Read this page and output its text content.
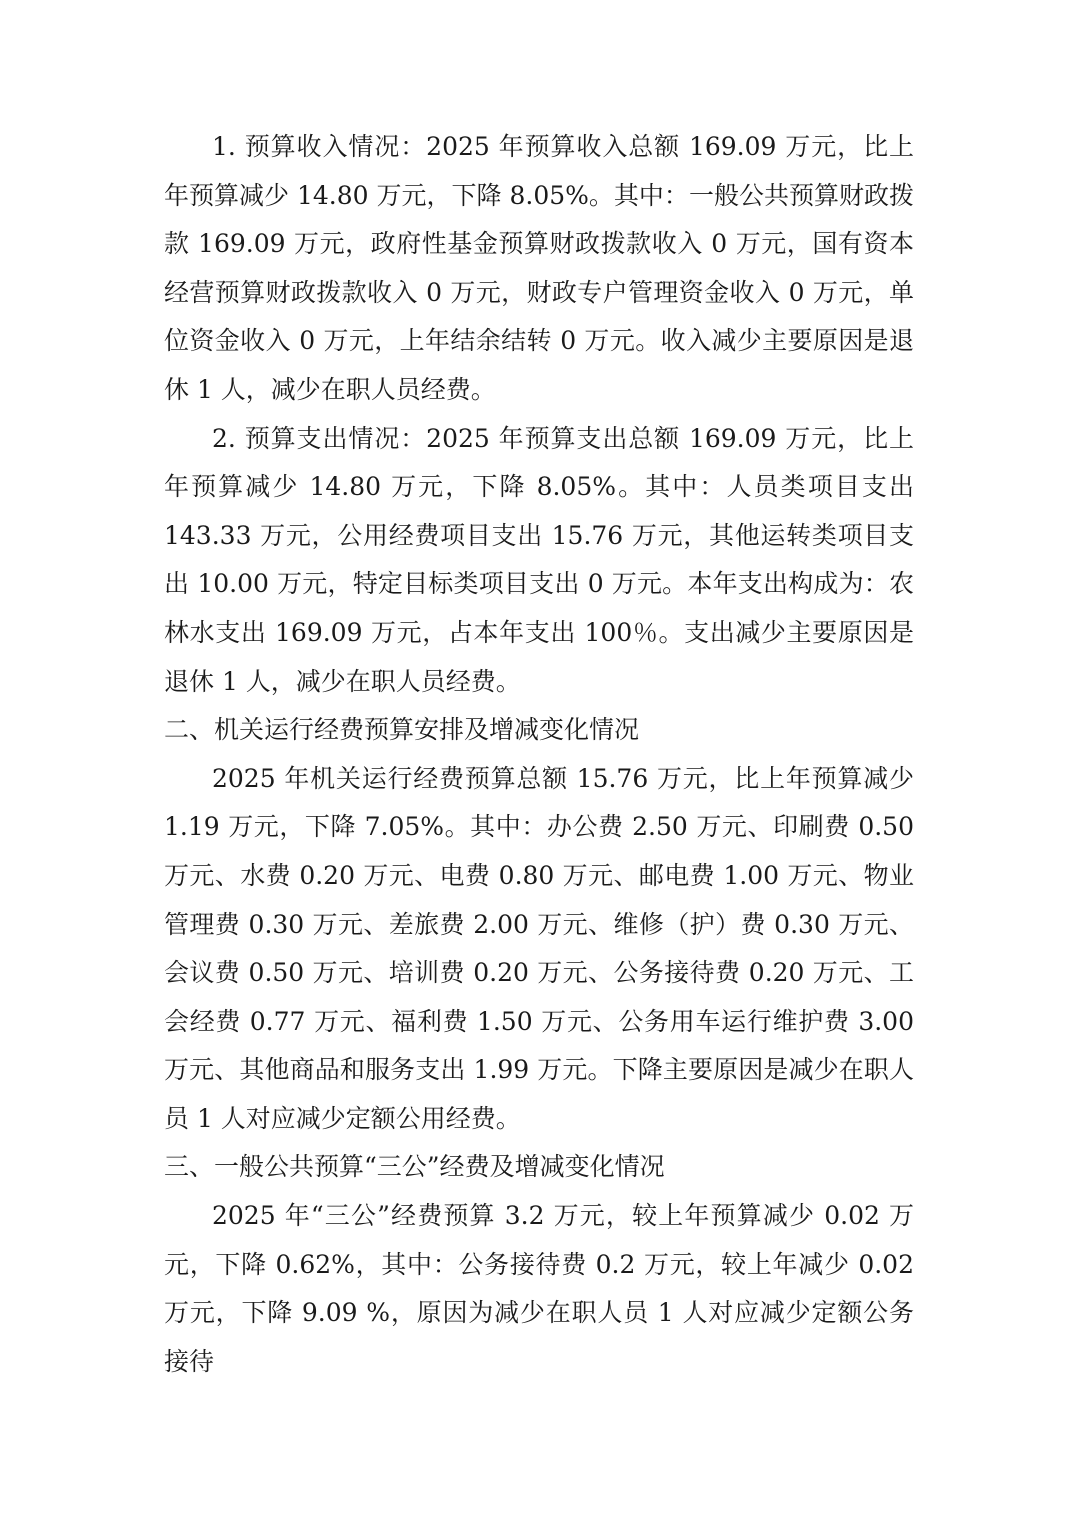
1. 预算收入情况：2025 年预算收入总额 169.09 万元，比上年预算减少 14.80 万元，下降 8.05%。其中：一般公共预算财政拨款 169.09 万元，政府性基金预算财政拨款收入 0 万元，国有资本经营预算财政拨款收入 0 万元，财政专户管理资金收入 0 万元，单位资金收入 0 万元，上年结余结转 0 万元。收入减少主要原因是退休 1 人，减少在职人员经费。

2. 预算支出情况：2025 年预算支出总额 169.09 万元，比上年预算减少 14.80 万元，下降 8.05%。其中：人员类项目支出 143.33 万元，公用经费项目支出 15.76 万元，其他运转类项目支出 10.00 万元，特定目标类项目支出 0 万元。本年支出构成为：农林水支出 169.09 万元，占本年支出 100％。支出减少主要原因是退休 1 人，减少在职人员经费。

二、机关运行经费预算安排及增减变化情况

2025 年机关运行经费预算总额 15.76 万元，比上年预算减少 1.19 万元，下降 7.05%。其中：办公费 2.50 万元、印刷费 0.50 万元、水费 0.20 万元、电费 0.80 万元、邮电费 1.00 万元、物业管理费 0.30 万元、差旅费 2.00 万元、维修（护）费 0.30 万元、会议费 0.50 万元、培训费 0.20 万元、公务接待费 0.20 万元、工会经费 0.77 万元、福利费 1.50 万元、公务用车运行维护费 3.00 万元、其他商品和服务支出 1.99 万元。下降主要原因是减少在职人员 1 人对应减少定额公用经费。

三、一般公共预算“三公”经费及增减变化情况

2025 年“三公”经费预算 3.2 万元，较上年预算减少 0.02 万元，下降 0.62%，其中：公务接待费 0.2 万元，较上年减少 0.02 万元，下降 9.09 %，原因为减少在职人员 1 人对应减少定额公务接待
